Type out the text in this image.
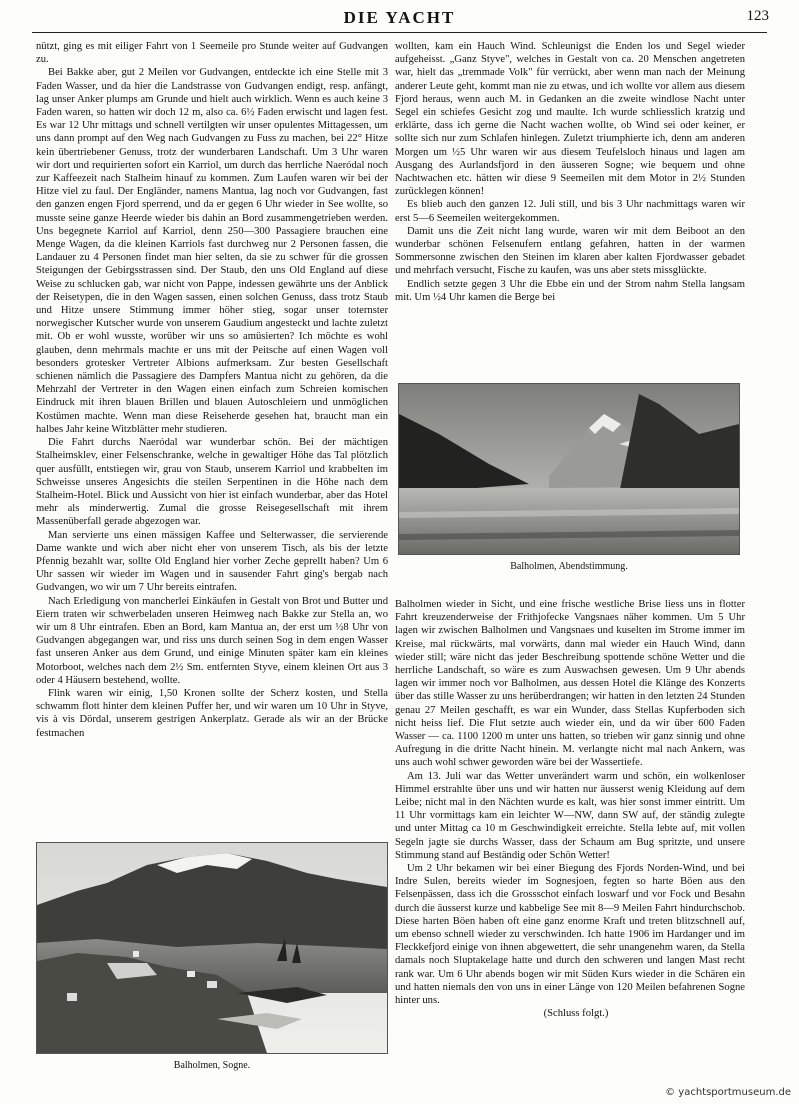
DIE YACHT	123

nützt, ging es mit eiliger Fahrt von 1 Seemeile pro Stunde weiter auf Gudvangen zu.

Bei Bakke aber, gut 2 Meilen vor Gudvangen, entdeckte ich eine Stelle mit 3 Faden Wasser, und da hier die Landstrasse von Gudvangen endigt, resp. anfängt, lag unser Anker plumps am Grunde und hielt auch wirklich. Wenn es auch keine 3 Faden waren, so hatten wir doch 12 m, also ca. 6½ Faden erwischt und lagen fest. Es war 12 Uhr mittags und schnell vertilgten wir unser opulentes Mittagessen, um uns dann prompt auf den Weg nach Gudvangen zu Fuss zu machen, bei 22° Hitze kein übertriebener Genuss, trotz der wunderbaren Landschaft. Um 3 Uhr waren wir dort und requirierten sofort ein Karriol, um durch das herrliche Naeródal noch zur Kaffeezeit nach Stalheim hinauf zu kommen. Zum Laufen waren wir bei der Hitze viel zu faul. Der Engländer, namens Mantua, lag noch vor Gudvangen, fast den ganzen engen Fjord sperrend, und da er gegen 6 Uhr wieder in See wollte, so musste seine ganze Heerde wieder bis dahin an Bord zusammengetrieben werden. Uns begegnete Karriol auf Karriol, denn 250—300 Passagiere brauchen eine Menge Wagen, da die kleinen Karriols fast durchweg nur 2 Personen fassen, die Landauer zu 4 Personen findet man hier selten, da sie zu schwer für die grossen Steigungen der Gebirgsstrassen sind. Der Staub, den uns Old England auf diese Weise zu schlucken gab, war nicht von Pappe, indessen gewährte uns der Anblick der Reisetypen, die in den Wagen sassen, einen solchen Genuss, dass trotz Staub und Hitze unsere Stimmung immer höher stieg, sogar unser toternster norwegischer Kutscher wurde von unserem Gaudium angesteckt und lachte zuletzt mit. Ob er wohl wusste, worüber wir uns so amüsierten? Ich möchte es wohl glauben, denn mehrmals machte er uns mit der Peitsche auf einen Wagen voll besonders grotesker Vertreter Albions aufmerksam. Zur besten Gesellschaft schienen nämlich die Passagiere des Dampfers Mantua nicht zu gehören, da die Mehrzahl der Vertreter in den Wagen einen einfach zum Schreien komischen Eindruck mit ihren blauen Brillen und blauen Autoschleiern und unmöglichen Kostümen machte. Wenn man diese Reiseherde gesehen hat, braucht man ein halbes Jahr keine Witzblätter mehr studieren.

Die Fahrt durchs Naeródal war wunderbar schön. Bei der mächtigen Stalheimsklev, einer Felsenschranke, welche in gewaltiger Höhe das Tal plötzlich quer ausfüllt, entstiegen wir, grau von Staub, unserem Karriol und krabbelten im Schweisse unseres Angesichts die steilen Serpentinen in die Höhe nach dem Stalheim-Hotel. Blick und Aussicht von hier ist einfach wunderbar, aber das Hotel mehr als minderwertig. Zumal die grosse Reisegesellschaft mit ihrem Massenüberfall gerade abgezogen war.

Man servierte uns einen mässigen Kaffee und Selterwasser, die servierende Dame wankte und wich aber nicht eher von unserem Tisch, als bis der letzte Pfennig bezahlt war, sollte Old England hier vorher Zeche geprellt haben? Um 6 Uhr sassen wir wieder im Wagen und in sausender Fahrt ging's bergab nach Gudvangen, wo wir um 7 Uhr bereits eintrafen.

Nach Erledigung von mancherlei Einkäufen in Gestalt von Brot und Butter und Eiern traten wir schwerbeladen unseren Heimweg nach Bakke zur Stella an, wo wir um 8 Uhr eintrafen. Eben an Bord, kam Mantua an, der erst um ½8 Uhr von Gudvangen abgegangen war, und riss uns durch seinen Sog in dem engen Wasser fast unseren Anker aus dem Grund, und einige Minuten später kam ein kleines Motorboot, welches nach dem 2½ Sm. entfernten Styve, einem kleinen Ort aus 3 oder 4 Häusern bestehend, wollte.

Flink waren wir einig, 1,50 Kronen sollte der Scherz kosten, und Stella schwamm flott hinter dem kleinen Puffer her, und wir waren um 10 Uhr in Styve, vis à vis Dördal, unserem gestrigen Ankerplatz. Gerade als wir an der Brücke festmachen

Balholmen, Sogne.

wollten, kam ein Hauch Wind. Schleunigst die Enden los und Segel wieder aufgeheisst. „Ganz Styve", welches in Gestalt von ca. 20 Menschen angetreten war, hielt das „tremmade Volk" für verrückt, aber wenn man nach der Meinung anderer Leute geht, kommt man nie zu etwas, und ich wollte vor allem aus diesem Fjord heraus, wenn auch M. in Gedanken an die zweite windlose Nacht unter Segel ein schiefes Gesicht zog und maulte. Ich wurde schliesslich kratzig und erklärte, dass ich gerne die Nacht wachen wollte, ob Wind sei oder keiner, er sollte sich nur zum Schlafen hinlegen. Zuletzt triumphierte ich, denn am anderen Morgen um ½5 Uhr waren wir aus diesem Teufelsloch hinaus und lagen am Ausgang des Aurlandsfjord in den äusseren Sogne; wie bequem und ohne Nachtwachen etc. hätten wir diese 9 Seemeilen mit dem Motor in 2½ Stunden zurücklegen können!

Es blieb auch den ganzen 12. Juli still, und bis 3 Uhr nachmittags waren wir erst 5—6 Seemeilen weitergekommen.

Damit uns die Zeit nicht lang wurde, waren wir mit dem Beiboot an den wunderbar schönen Felsenufern entlang gefahren, hatten in der warmen Sommersonne zwischen den Steinen im klaren aber kalten Fjordwasser gebadet und mehrfach versucht, Fische zu kaufen, was uns aber stets missglückte.

Endlich setzte gegen 3 Uhr die Ebbe ein und der Strom nahm Stella langsam mit. Um ½4 Uhr kamen die Berge bei

Balholmen, Abendstimmung.

Balholmen wieder in Sicht, und eine frische westliche Brise liess uns in flotter Fahrt kreuzenderweise der Frithjofecke Vangsnaes näher kommen. Um 5 Uhr lagen wir zwischen Balholmen und Vangsnaes und kuselten im Strome immer im Kreise, mal rückwärts, mal vorwärts, dann mal wieder ein Hauch Wind, dann wieder still; wäre nicht das jeder Beschreibung spottende schöne Wetter und die herrliche Landschaft, so wäre es zum Auswachsen gewesen. Um 9 Uhr abends lagen wir immer noch vor Balholmen, aus dessen Hotel die Klänge des Konzerts über das stille Wasser zu uns herüberdrangen; wir hatten in den letzten 24 Stunden genau 27 Meilen geschafft, es war ein Wunder, dass Stellas Kupferboden sich nicht heiss lief. Die Flut setzte auch wieder ein, und da wir über 600 Faden Wasser — ca. 1100 1200 m unter uns hatten, so trieben wir ganz sinnig und ohne Aufregung in die dritte Nacht hinein. M. verlangte nicht mal nach Ankern, was uns auch wohl schwer geworden wäre bei der Wassertiefe.

Am 13. Juli war das Wetter unverändert warm und schön, ein wolkenloser Himmel erstrahlte über uns und wir hatten nur äusserst wenig Kleidung auf dem Leibe; nicht mal in den Nächten wurde es kalt, was hier sonst immer eintritt. Um 11 Uhr vormittags kam ein leichter W—NW, dann SW auf, der ständig zulegte und unter Mittag ca 10 m Geschwindigkeit erreichte. Stella lebte auf, mit vollen Segeln jagte sie durchs Wasser, dass der Schaum am Bug spritzte, und unsere Stimmung stand auf Beständig oder Schön Wetter!

Um 2 Uhr bekamen wir bei einer Biegung des Fjords Norden-Wind, und bei Indre Sulen, bereits wieder im Sognesjoen, fegten so harte Böen aus den Felsenpässen, dass ich die Grossschot einfach loswarf und vor Fock und Besahn durch die äusserst kurze und kabbelige See mit 8—9 Meilen Fahrt hindurchschob. Diese harten Böen haben oft eine ganz enorme Kraft und treten blitzschnell auf, um ebenso schnell wieder zu verschwinden. Ich hatte 1906 im Hardanger und im Fleckkefjord einige von ihnen abgewettert, die sehr unangenehm waren, da Stella damals noch Sluptakelage hatte und durch den schweren und langen Mast recht rank war. Um 6 Uhr abends bogen wir mit Süden Kurs wieder in die Schären ein und hatten niemals den von uns in einer Länge von 120 Meilen befahrenen Sogne hinter uns.

(Schluss folgt.)

© yachtsportmuseum.de
